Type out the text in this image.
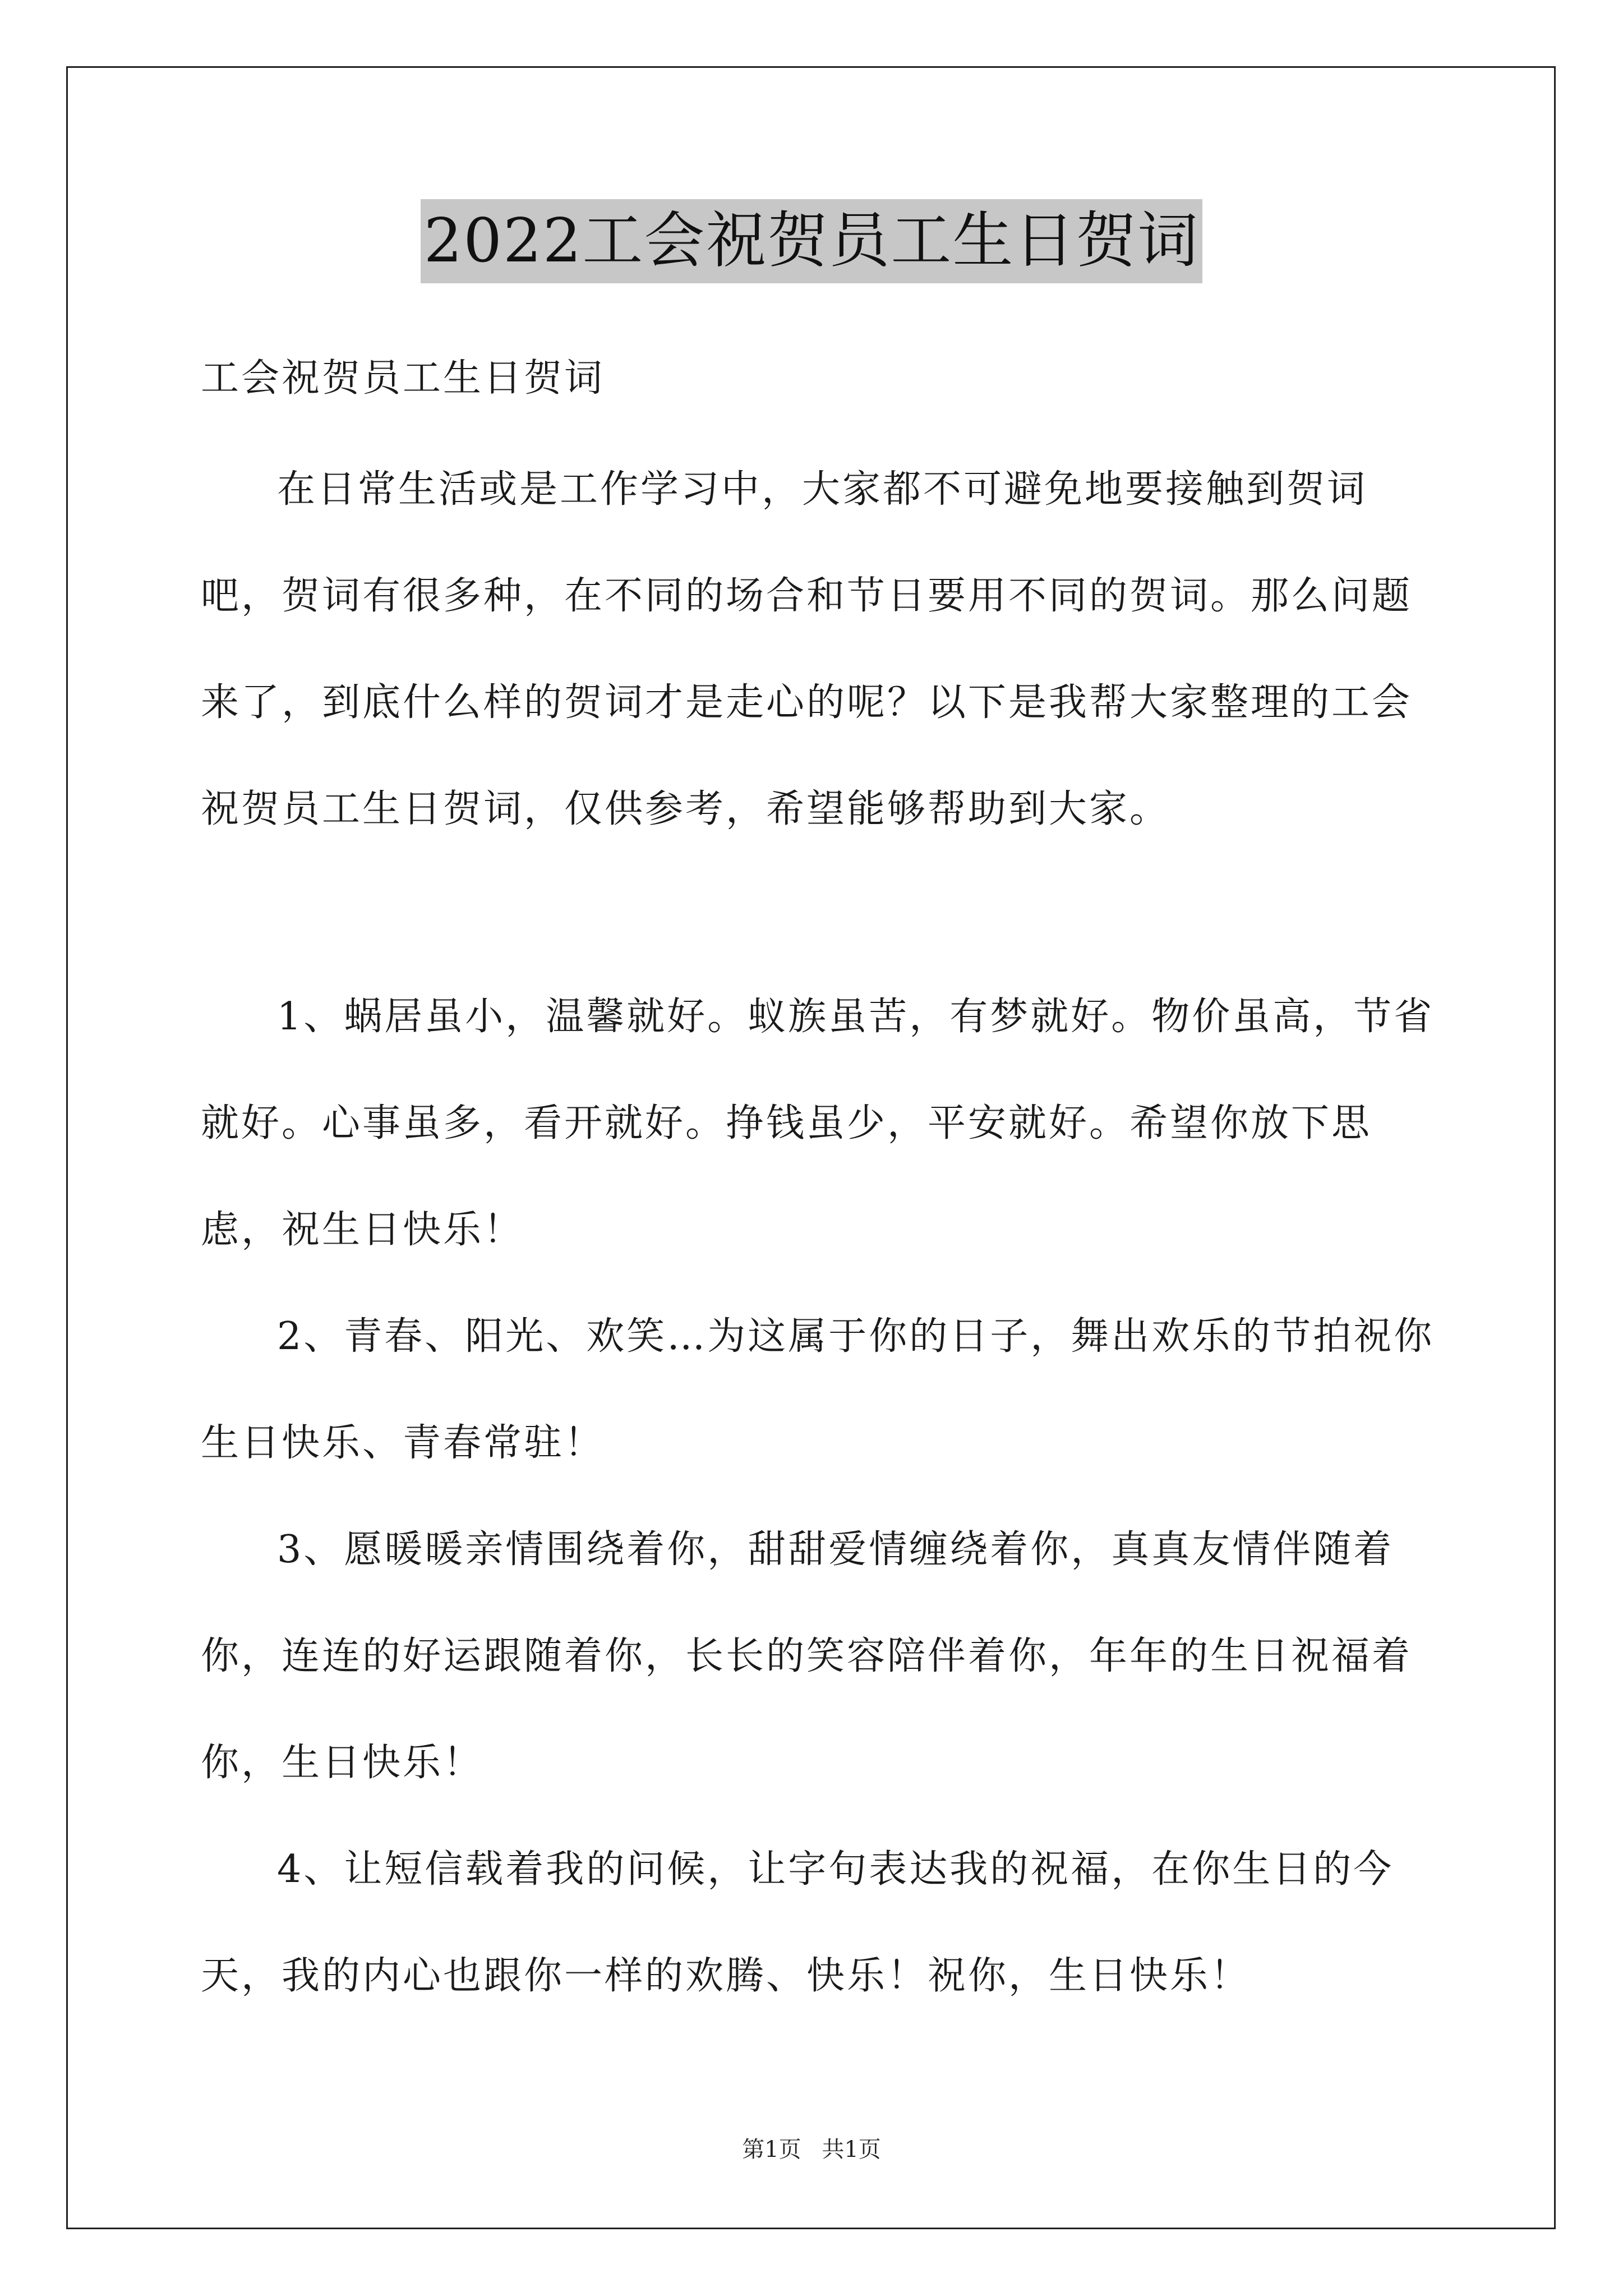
2022工会祝贺员工生日贺词

工会祝贺员工生日贺词

在日常生活或是工作学习中，大家都不可避免地要接触到贺词吧，贺词有很多种，在不同的场合和节日要用不同的贺词。那么问题来了，到底什么样的贺词才是走心的呢？以下是我帮大家整理的工会祝贺员工生日贺词，仅供参考，希望能够帮助到大家。

1、蜗居虽小，温馨就好。蚁族虽苦，有梦就好。物价虽高，节省就好。心事虽多，看开就好。挣钱虽少，平安就好。希望你放下思虑，祝生日快乐！

2、青春、阳光、欢笑…为这属于你的日子，舞出欢乐的节拍祝你生日快乐、青春常驻！

3、愿暖暖亲情围绕着你，甜甜爱情缠绕着你，真真友情伴随着你，连连的好运跟随着你，长长的笑容陪伴着你，年年的生日祝福着你，生日快乐！

4、让短信载着我的问候，让字句表达我的祝福，在你生日的今天，我的内心也跟你一样的欢腾、快乐！祝你，生日快乐！

第1页 共1页
